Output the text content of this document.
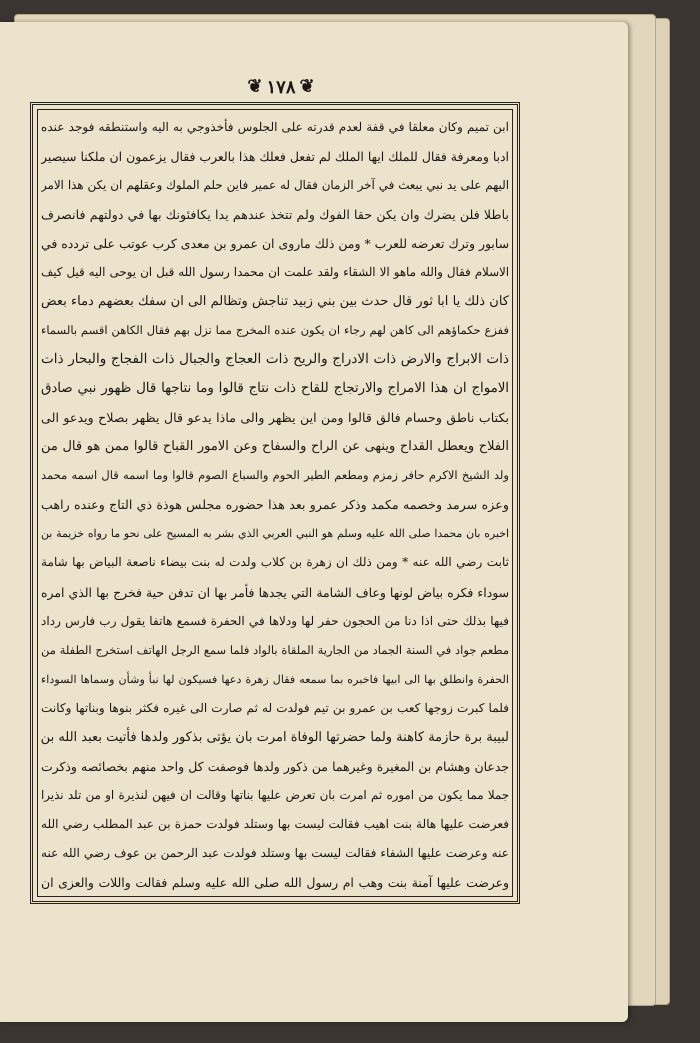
❦ ١٧٨ ❦
ابن تميم وكان معلقا في قفة لعدم قدرته على الجلوس فأخذوجي به اليه واستنطقه فوجد عنده
ادبا ومعرفة فقال للملك ايها الملك لم تفعل فعلك هذا بالعرب فقال يزعمون ان ملكنا سيصير
اليهم على يد نبي يبعث في آخر الزمان فقال له عمير فاين حلم الملوك وعقلهم ان يكن هذا الامر
باطلا فلن يضرك وان يكن حقا الفوك ولم تتخذ عندهم يدا يكافئونك بها في دولتهم فانصرف
سابور وترك تعرضه للعرب * ومن ذلك ماروى ان عمرو بن معدى كرب عوتب على تردده في
الاسلام فقال والله ماهو الا الشقاء ولقد علمت ان محمدا رسول الله قبل ان يوحى اليه قيل كيف
كان ذلك يا ابا ثور قال حدث بين بني زبيد تناجش وتظالم الى ان سفك بعضهم دماء بعض
ففزع حكماؤهم الى كاهن لهم رجاء ان يكون عنده المخرج مما نزل بهم فقال الكاهن اقسم بالسماء
ذات الابراج والارض ذات الادراج والريح ذات العجاج والجبال ذات الفجاج والبحار ذات
الامواج ان هذا الامراج والارتجاج للقاح ذات نتاج قالوا وما نتاجها قال ظهور نبي صادق
بكتاب ناطق وحسام فالق قالوا ومن اين يظهر والى ماذا يدعو قال يظهر بصلاح ويدعو الى
الفلاح ويعطل القداح وينهى عن الراح والسفاح وعن الامور القباح قالوا ممن هو قال من
ولد الشيخ الاكرم حافر زمزم ومطعم الطير الحوم والسباع الصوم قالوا وما اسمه قال اسمه محمد
وعزه سرمد وخصمه مكمد وذكر عمرو بعد هذا حضوره مجلس هوذة ذي التاج وعنده راهب
اخبره بان محمدا صلى الله عليه وسلم هو النبي العربي الذي بشر به المسيح على نحو ما رواه خزيمة بن
ثابت رضي الله عنه * ومن ذلك ان زهرة بن كلاب ولدت له بنت بيضاء ناصعة البياض بها شامة
سوداء فكره بياض لونها وعاف الشامة التي يجدها فأمر بها ان تدفن حية فخرج بها الذي امره
فيها بذلك حتى اذا دنا من الحجون حفر لها ودلاها في الحفرة فسمع هاتفا يقول رب فارس رداد
مطعم جواد في السنة الجماد من الجارية الملقاة بالواد فلما سمع الرجل الهاتف استخرج الطفلة من
الحفرة وانطلق بها الى ابيها فاخبره بما سمعه فقال زهرة دعها فسيكون لها نبأ وشأن وسماها السوداء
فلما كبرت زوجها كعب بن عمرو بن تيم فولدت له ثم صارت الى غيره فكثر بنوها وبناتها وكانت
لبيبة برة حازمة كاهنة ولما حضرتها الوفاة امرت بان يؤتى بذكور ولدها فأتيت بعبد الله بن
جدعان وهشام بن المغيرة وغيرهما من ذكور ولدها فوصفت كل واحد منهم بخصائصه وذكرت
جملا مما يكون من اموره ثم امرت بان تعرض عليها بناتها وقالت ان فيهن لنذيرة او من تلد نذيرا
فعرضت عليها هالة بنت اهيب فقالت ليست بها وستلد فولدت حمزة بن عبد المطلب رضي الله
عنه وعرضت عليها الشفاء فقالت ليست بها وستلد فولدت عبد الرحمن بن عوف رضي الله عنه
وعرضت عليها آمنة بنت وهب ام رسول الله صلى الله عليه وسلم فقالت واللات والعزى ان
